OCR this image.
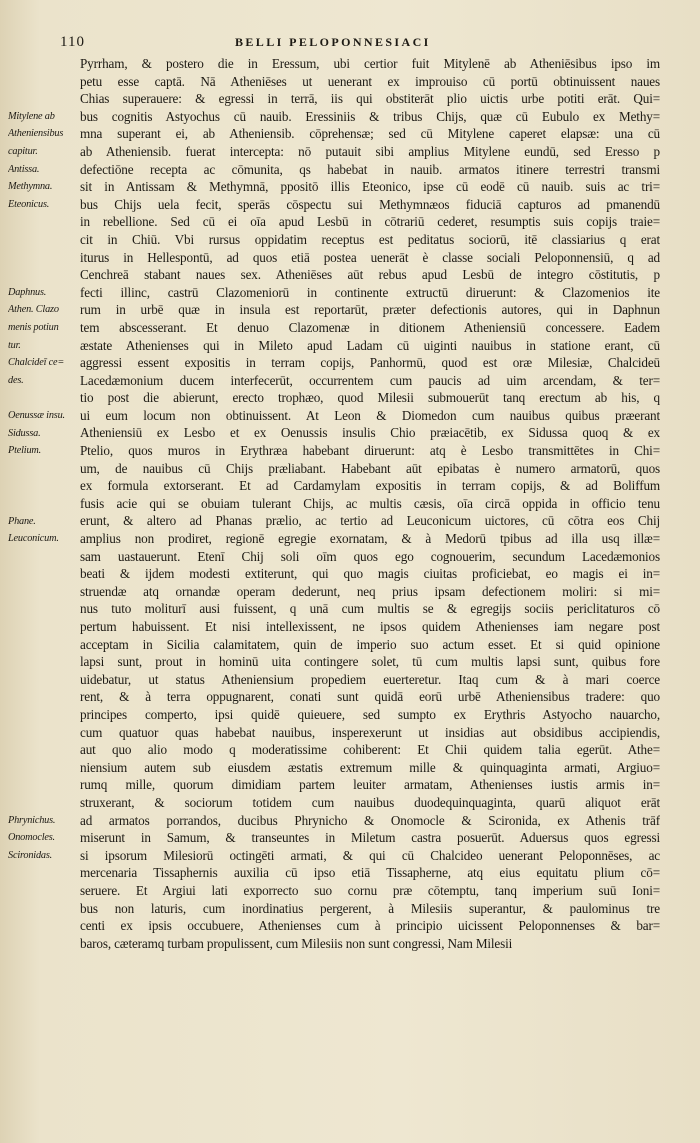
110	BELLI PELOPONNESIACI
Mitylene ab
Atheniensibus
capitur.
Antissa.
Methymna.
Eteonicus.
Daphnus.
Athen. Clazo
menis potiun
tur.
Chalcideī ce=
des.
Oenussæ insu.
Sidussa.
Ptelium.
Phane.
Leuconicum.
Phrynichus.
Onomocles.
Scironidas.
Pyrrham, & postero die in Eressum, ubi certior fuit Mitylenē ab Atheniēsibus ipso im
petu esse captā. Nā Atheniēses ut uenerant ex improuiso cū portū obtinuissent naues
Chias superauere: & egressi in terrā, iis qui obstiterāt plio uictis urbe potiti erāt. Qui=
bus cognitis Astyochus cū nauib. Eressiniis & tribus Chijs, quæ cū Eubulo ex Methy=
mna superant ei, ab Atheniensib. cōprehensæ; sed cū Mitylene caperet elapsæ: una cū
ab Atheniensib. fuerat intercepta: nō putauit sibi amplius Mitylene eundū, sed Eresso p
defectiōne recepta ac cōmunita, qs habebat in nauib. armatos itinere terrestri transmi
sit in Antissam & Methymnā, ppositō illis Eteonico, ipse cū eodē cū nauib. suis ac tri=
bus Chijs uela fecit, sperās cōspectu sui Methymnæos fiduciā capturos ad pmanendū
in rebellione. Sed cū ei oīa apud Lesbū in cōtrariū cederet, resumptis suis copijs traie=
cit in Chiū. Vbi rursus oppidatim receptus est peditatus sociorū, itē classiarius q erat
iturus in Hellespontū, ad quos etiā postea uenerāt è classe sociali Peloponnensiū, q ad
Cenchreā stabant naues sex. Atheniēses aūt rebus apud Lesbū de integro cōstitutis, p
fecti illinc, castrū Clazomeniorū in continente extructū diruerunt: & Clazomenios ite
rum in urbē quæ in insula est reportarūt, præter defectionis autores, qui in Daphnun
tem abscesserant. Et denuo Clazomenæ in ditionem Atheniensiū concessere. Eadem
æstate Athenienses qui in Mileto apud Ladam cū uiginti nauibus in statione erant, cū
aggressi essent expositis in terram copijs, Panhormū, quod est oræ Milesiæ, Chalcideū
Lacedæmonium ducem interfecerūt, occurrentem cum paucis ad uim arcendam, & ter=
tio post die abierunt, erecto trophæo, quod Milesii submouerūt tanq erectum ab his, q
ui eum locum non obtinuissent. At Leon & Diomedon cum nauibus quibus præerant
Atheniensiū ex Lesbo et ex Oenussis insulis Chio præiacētib, ex Sidussa quoq & ex
Ptelio, quos muros in Erythræa habebant diruerunt: atq è Lesbo transmittētes in Chi=
um, de nauibus cū Chijs præliabant. Habebant aūt epibatas è numero armatorū, quos
ex formula extorserant. Et ad Cardamylam expositis in terram copijs, & ad Boliffum
fusis acie qui se obuiam tulerant Chijs, ac multis cæsis, oīa circā oppida in officio tenu
erunt, & altero ad Phanas prælio, ac tertio ad Leuconicum uictores, cū cōtra eos Chij
amplius non prodiret, regionē egregie exornatam, & à Medorū tpibus ad illa usq illæ=
sam uastauerunt. Etenī Chij soli oīm quos ego cognouerim, secundum Lacedæmonios
beati & ijdem modesti extiterunt, qui quo magis ciuitas proficiebat, eo magis ei in=
struendæ atq ornandæ operam dederunt, neq prius ipsam defectionem moliri: si mi=
nus tuto moliturī ausi fuissent, q unā cum multis se & egregijs sociis periclitaturos cō
pertum habuissent. Et nisi intellexissent, ne ipsos quidem Athenienses iam negare post
acceptam in Sicilia calamitatem, quin de imperio suo actum esset. Et si quid opinione
lapsi sunt, prout in hominū uita contingere solet, tū cum multis lapsi sunt, quibus fore
uidebatur, ut status Atheniensium propediem euerteretur. Itaq cum & à mari coerce
rent, & à terra oppugnarent, conati sunt quidā eorū urbē Atheniensibus tradere: quo
principes comperto, ipsi quidē quieuere, sed sumpto ex Erythris Astyocho nauarcho,
cum quatuor quas habebat nauibus, insperexerunt ut insidias aut obsidibus accipiendis,
aut quo alio modo q moderatissime cohiberent: Et Chii quidem talia egerūt. Athe=
niensium autem sub eiusdem æstatis extremum mille & quinquaginta armati, Argiuo=
rumq mille, quorum dimidiam partem leuiter armatam, Athenienses iustis armis in=
struxerant, & sociorum totidem cum nauibus duodequinquaginta, quarū aliquot erāt
ad armatos porrandos, ducibus Phrynicho & Onomocle & Scironida, ex Athenis trāf
miserunt in Samum, & transeuntes in Miletum castra posuerūt. Aduersus quos egressi
si ipsorum Milesiorū octingēti armati, & qui cū Chalcideo uenerant Peloponnēses, ac
mercenaria Tissaphernis auxilia cū ipso etiā Tissapherne, atq eius equitatu plium cō=
seruere. Et Argiui lati exporrecto suo cornu præ cōtemptu, tanq imperium suū Ioni=
bus non laturis, cum inordinatius pergerent, à Milesiis superantur, & paulominus tre
centi ex ipsis occubuere, Athenienses cum à principio uicissent Peloponnenses & bar=
baros, cæteramq turbam propulissent, cum Milesiis non sunt congressi, Nam Milesii
